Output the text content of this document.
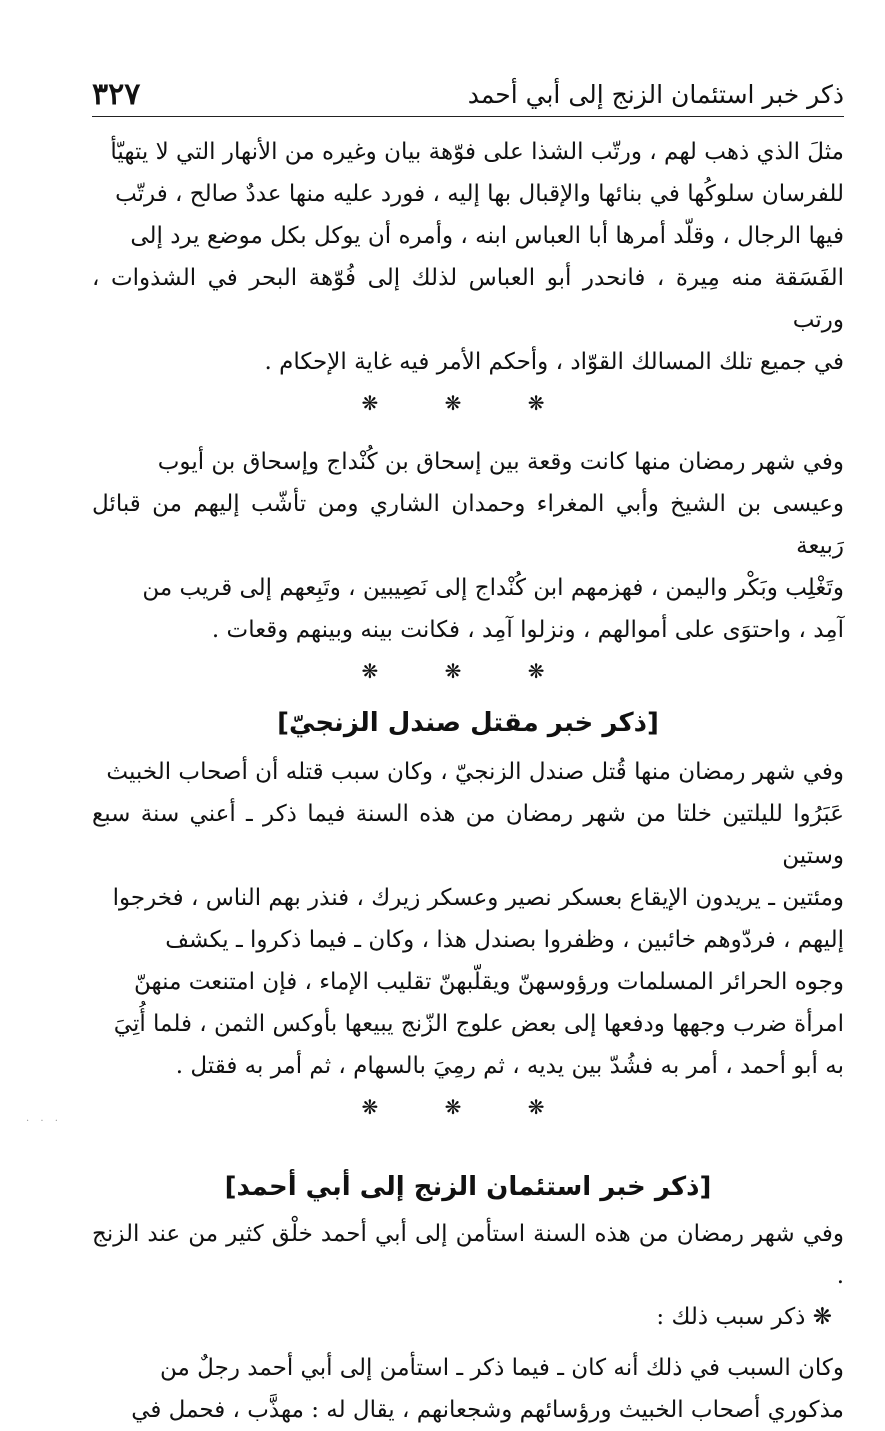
ذكر خبر استئمان الزنج إلى أبي أحمد
٣٢٧

مثلَ الذي ذهب لهم ، ورتّب الشذا على فوّهة بيان وغيره من الأنهار التي لا يتهيّأ
للفرسان سلوكُها في بنائها والإقبال بها إليه ، فورد عليه منها عددٌ صالح ، فرتّب
فيها الرجال ، وقلّد أمرها أبا العباس ابنه ، وأمره أن يوكل بكل موضع يرد إلى
الفَسَقة منه مِيرة ، فانحدر أبو العباس لذلك إلى فُوّهة البحر في الشذوات ، ورتب
في جميع تلك المسالك القوّاد ، وأحكم الأمر فيه غاية الإحكام .

❋ ❋ ❋

وفي شهر رمضان منها كانت وقعة بين إسحاق بن كُنْداج وإسحاق بن أيوب
وعيسى بن الشيخ وأبي المغراء وحمدان الشاري ومن تأشّب إليهم من قبائل رَبيعة
وتَغْلِب وبَكْر واليمن ، فهزمهم ابن كُنْداج إلى نَصِيبين ، وتَبِعهم إلى قريب من
آمِد ، واحتوَى على أموالهم ، ونزلوا آمِد ، فكانت بينه وبينهم وقعات .

❋ ❋ ❋
[ذكر خبر مقتل صندل الزنجيّ]

وفي شهر رمضان منها قُتل صندل الزنجيّ ، وكان سبب قتله أن أصحاب الخبيث
عَبَرُوا لليلتين خلتا من شهر رمضان من هذه السنة فيما ذكر ـ أعني سنة سبع وستين
ومئتين ـ يريدون الإيقاع بعسكر نصير وعسكر زيرك ، فنذر بهم الناس ، فخرجوا
إليهم ، فردّوهم خائبين ، وظفروا بصندل هذا ، وكان ـ فيما ذكروا ـ يكشف
وجوه الحرائر المسلمات ورؤوسهنّ ويقلّبهنّ تقليب الإماء ، فإن امتنعت منهنّ
امرأة ضرب وجهها ودفعها إلى بعض علوج الزّنج يبيعها بأوكس الثمن ، فلما أُتِيَ
به أبو أحمد ، أمر به فشُدّ بين يديه ، ثم رمِيَ بالسهام ، ثم أمر به فقتل .

❋ ❋ ❋
[ذكر خبر استئمان الزنج إلى أبي أحمد]

وفي شهر رمضان من هذه السنة استأمن إلى أبي أحمد خلْق كثير من عند الزنج .

❋ ذكر سبب ذلك :

وكان السبب في ذلك أنه كان ـ فيما ذكر ـ استأمن إلى أبي أحمد رجلٌ من
مذكوري أصحاب الخبيث ورؤسائهم وشجعانهم ، يقال له : مهذَّب ، فحمل في

. . .
